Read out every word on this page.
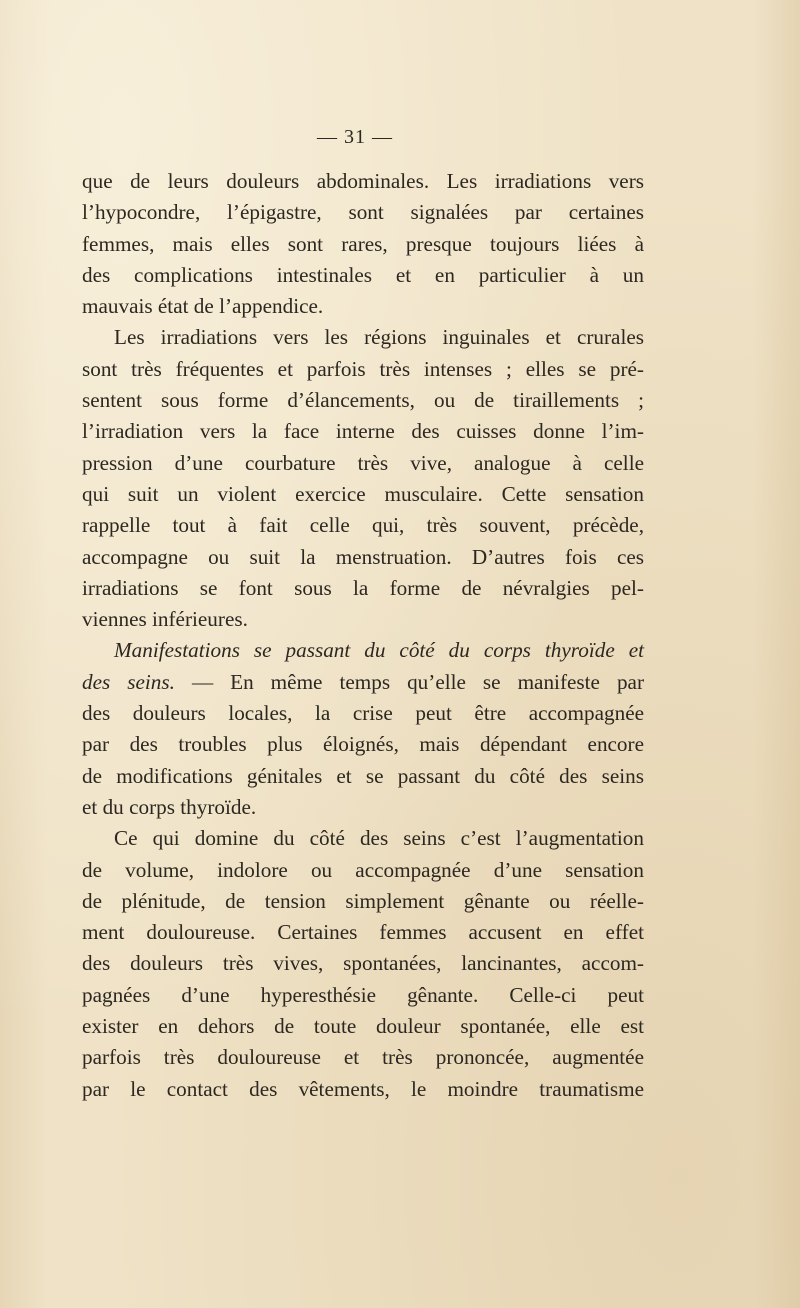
— 31 —
que de leurs douleurs abdominales. Les irradiations vers
l’hypocondre, l’épigastre, sont signalées par certaines
femmes, mais elles sont rares, presque toujours liées à
des complications intestinales et en particulier à un
mauvais état de l’appendice.
Les irradiations vers les régions inguinales et crurales
sont très fréquentes et parfois très intenses ; elles se pré-
sentent sous forme d’élancements, ou de tiraillements ;
l’irradiation vers la face interne des cuisses donne l’im-
pression d’une courbature très vive, analogue à celle
qui suit un violent exercice musculaire. Cette sensation
rappelle tout à fait celle qui, très souvent, précède,
accompagne ou suit la menstruation. D’autres fois ces
irradiations se font sous la forme de névralgies pel-
viennes inférieures.
Manifestations se passant du côté du corps thyroïde et
des seins. — En même temps qu’elle se manifeste par
des douleurs locales, la crise peut être accompagnée
par des troubles plus éloignés, mais dépendant encore
de modifications génitales et se passant du côté des seins
et du corps thyroïde.
Ce qui domine du côté des seins c’est l’augmentation
de volume, indolore ou accompagnée d’une sensation
de plénitude, de tension simplement gênante ou réelle-
ment douloureuse. Certaines femmes accusent en effet
des douleurs très vives, spontanées, lancinantes, accom-
pagnées d’une hyperesthésie gênante. Celle-ci peut
exister en dehors de toute douleur spontanée, elle est
parfois très douloureuse et très prononcée, augmentée
par le contact des vêtements, le moindre traumatisme
